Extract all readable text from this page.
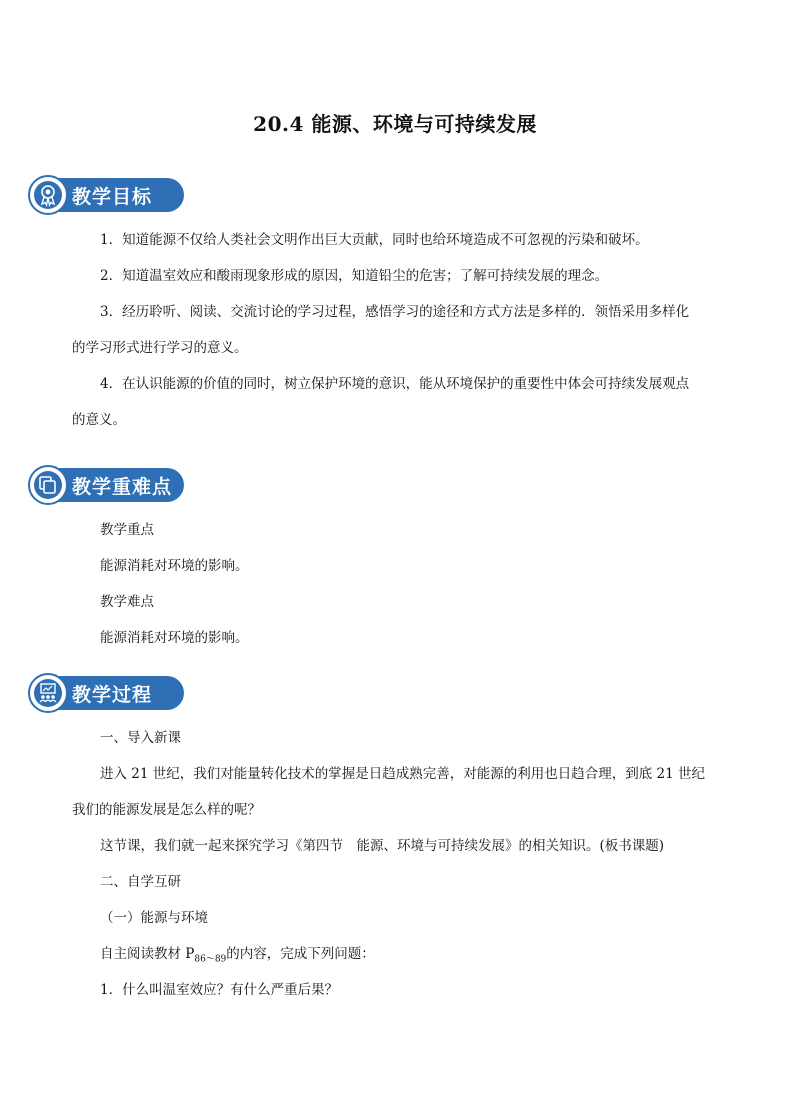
20.4 能源、环境与可持续发展
教学目标

1．知道能源不仅给人类社会文明作出巨大贡献，同时也给环境造成不可忽视的污染和破坏。

2．知道温室效应和酸雨现象形成的原因，知道铅尘的危害；了解可持续发展的理念。

3．经历聆听、阅读、交流讨论的学习过程，感悟学习的途径和方式方法是多样的．领悟采用多样化

的学习形式进行学习的意义。

4．在认识能源的价值的同时，树立保护环境的意识，能从环境保护的重要性中体会可持续发展观点

的意义。

教学重难点

教学重点

能源消耗对环境的影响。

教学难点

能源消耗对环境的影响。

教学过程

一、导入新课

进入 21 世纪，我们对能量转化技术的掌握是日趋成熟完善，对能源的利用也日趋合理，到底 21 世纪

我们的能源发展是怎么样的呢？

这节课，我们就一起来探究学习《第四节　能源、环境与可持续发展》的相关知识。(板书课题)

二、自学互研

（一）能源与环境

自主阅读教材 $P_{86\sim 89}$的内容，完成下列问题：

1．什么叫温室效应？有什么严重后果？
